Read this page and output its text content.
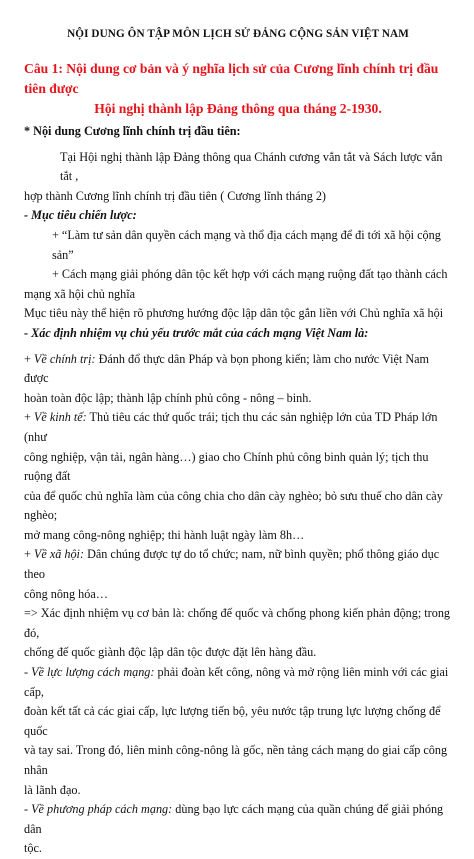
NỘI DUNG ÔN TẬP MÔN LỊCH SỬ ĐẢNG CỘNG SẢN VIỆT NAM
Câu 1: Nội dung cơ bản và ý nghĩa lịch sử của Cương lĩnh chính trị đầu tiên được
Hội nghị thành lập Đảng thông qua tháng 2-1930.

* Nội dung Cương lĩnh chính trị đầu tiên:

Tại Hội nghị thành lập Đảng thông qua Chánh cương vắn tắt và Sách lược vắn tắt ,

hợp thành Cương lĩnh chính trị đầu tiên ( Cương lĩnh tháng 2)

- Mục tiêu chiến lược:

+ “Làm tư sản dân quyền cách mạng và thổ địa cách mạng để đi tới xã hội cộng sản”

+ Cách mạng giải phóng dân tộc kết hợp với cách mạng ruộng đất tạo thành cách

mạng xã hội chủ nghĩa

Mục tiêu này thể hiện rõ phương hướng độc lập dân tộc gắn liền với Chủ nghĩa xã hội

- Xác định nhiệm vụ chủ yếu trước mắt của cách mạng Việt Nam là:

+ Về chính trị: Đánh đổ thực dân Pháp và bọn phong kiến; làm cho nước Việt Nam được

hoàn toàn độc lập; thành lập chính phủ công - nông – binh.

+ Về kinh tế: Thủ tiêu các thứ quốc trái; tịch thu các sản nghiệp lớn của TD Pháp lớn (như

công nghiệp, vận tải, ngân hàng…) giao cho Chính phủ công binh quản lý; tịch thu ruộng đất

của để quốc chủ nghĩa làm của công chia cho dân cày nghèo; bỏ sưu thuế cho dân cày nghèo;

mở mang công-nông nghiệp; thi hành luật ngày làm 8h…

+ Về xã hội: Dân chúng được tự do tổ chức; nam, nữ bình quyền; phổ thông giáo dục theo

công nông hóa…

=> Xác định nhiệm vụ cơ bản là: chống đế quốc và chống phong kiến phản động; trong đó,

chống đế quốc giành độc lập dân tộc được đặt lên hàng đầu.

- Về lực lượng cách mạng: phải đoàn kết công, nông và mở rộng liên minh với các giai cấp,

đoàn kết tất cả các giai cấp, lực lượng tiến bộ, yêu nước tập trung lực lượng chống để quốc

và tay sai. Trong đó, liên minh công-nông là gốc, nền tảng cách mạng do giai cấp công nhân

là lãnh đạo.

- Về phương pháp cách mạng: dùng bạo lực cách mạng của quần chúng để giải phóng dân

tộc.
